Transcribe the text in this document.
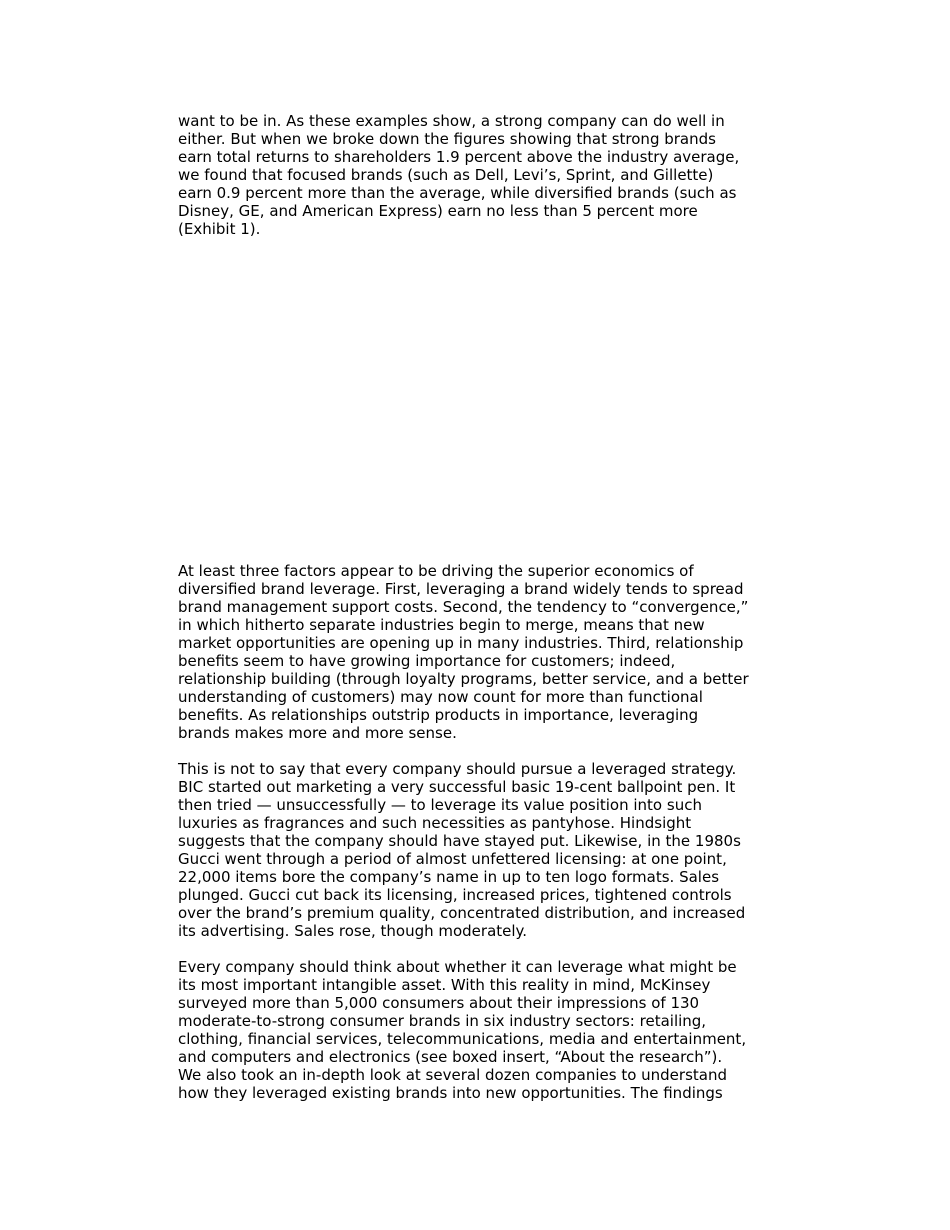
want to be in. As these examples show, a strong company can do well in
either. But when we broke down the figures showing that strong brands
earn total returns to shareholders 1.9 percent above the industry average,
we found that focused brands (such as Dell, Levi’s, Sprint, and Gillette)
earn 0.9 percent more than the average, while diversified brands (such as
Disney, GE, and American Express) earn no less than 5 percent more
(Exhibit 1).
At least three factors appear to be driving the superior economics of
diversified brand leverage. First, leveraging a brand widely tends to spread
brand management support costs. Second, the tendency to “convergence,”
in which hitherto separate industries begin to merge, means that new
market opportunities are opening up in many industries. Third, relationship
benefits seem to have growing importance for customers; indeed,
relationship building (through loyalty programs, better service, and a better
understanding of customers) may now count for more than functional
benefits. As relationships outstrip products in importance, leveraging
brands makes more and more sense.
This is not to say that every company should pursue a leveraged strategy.
BIC started out marketing a very successful basic 19-cent ballpoint pen. It
then tried — unsuccessfully — to leverage its value position into such
luxuries as fragrances and such necessities as pantyhose. Hindsight
suggests that the company should have stayed put. Likewise, in the 1980s
Gucci went through a period of almost unfettered licensing: at one point,
22,000 items bore the company’s name in up to ten logo formats. Sales
plunged. Gucci cut back its licensing, increased prices, tightened controls
over the brand’s premium quality, concentrated distribution, and increased
its advertising. Sales rose, though moderately.
Every company should think about whether it can leverage what might be
its most important intangible asset. With this reality in mind, McKinsey
surveyed more than 5,000 consumers about their impressions of 130
moderate-to-strong consumer brands in six industry sectors: retailing,
clothing, financial services, telecommunications, media and entertainment,
and computers and electronics (see boxed insert, “About the research”).
We also took an in-depth look at several dozen companies to understand
how they leveraged existing brands into new opportunities. The findings
